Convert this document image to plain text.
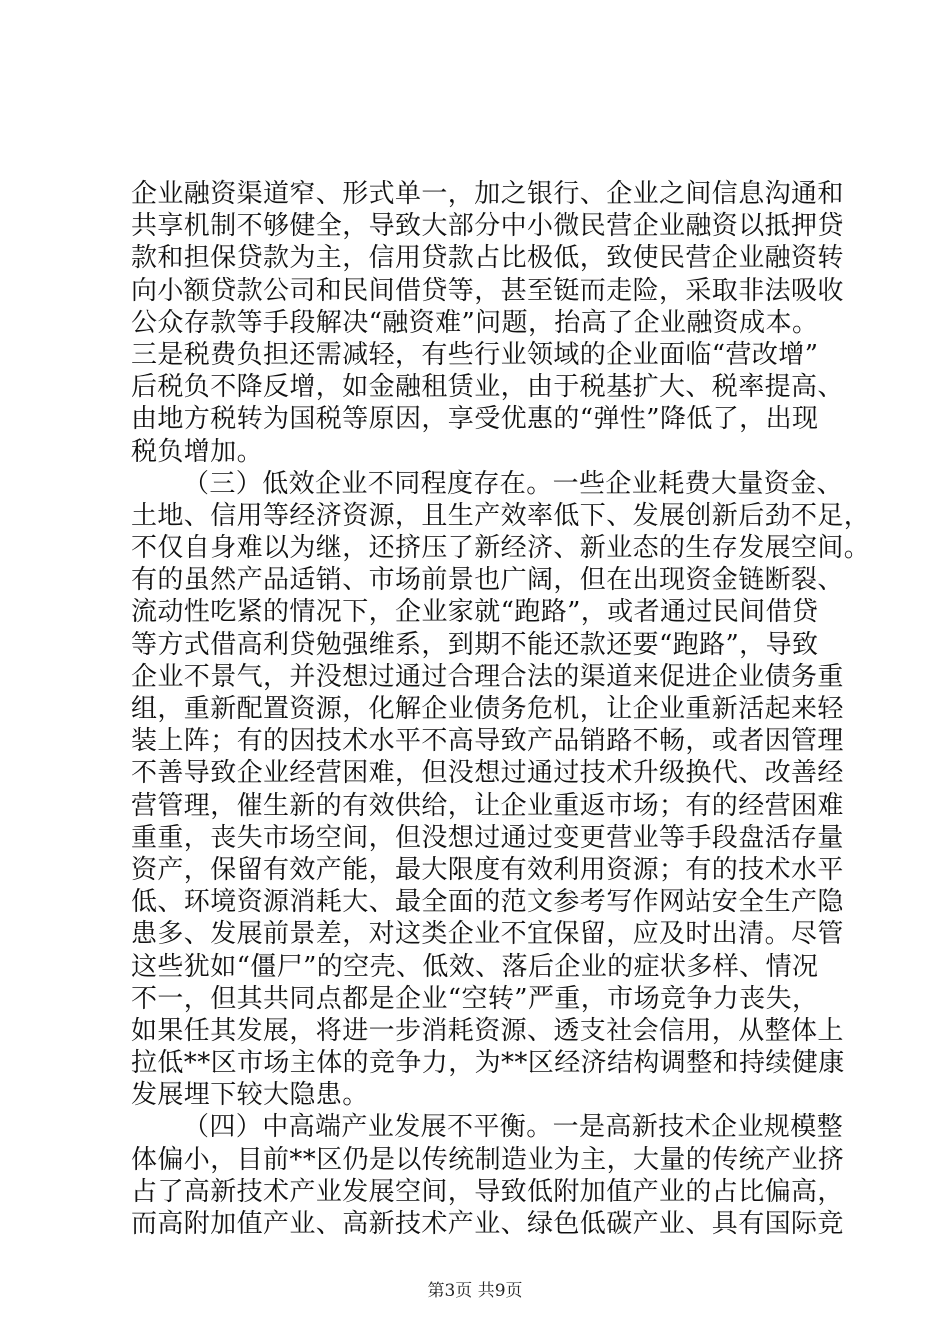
企业融资渠道窄、形式单一，加之银行、企业之间信息沟通和
共享机制不够健全，导致大部分中小微民营企业融资以抵押贷
款和担保贷款为主，信用贷款占比极低，致使民营企业融资转
向小额贷款公司和民间借贷等，甚至铤而走险，采取非法吸收
公众存款等手段解决“融资难”问题，抬高了企业融资成本。
三是税费负担还需减轻，有些行业领域的企业面临“营改增”
后税负不降反增，如金融租赁业，由于税基扩大、税率提高、
由地方税转为国税等原因，享受优惠的“弹性”降低了，出现
税负增加。
（三）低效企业不同程度存在。一些企业耗费大量资金、
土地、信用等经济资源，且生产效率低下、发展创新后劲不足，
不仅自身难以为继，还挤压了新经济、新业态的生存发展空间。
有的虽然产品适销、市场前景也广阔，但在出现资金链断裂、
流动性吃紧的情况下，企业家就“跑路”，或者通过民间借贷
等方式借高利贷勉强维系，到期不能还款还要“跑路”，导致
企业不景气，并没想过通过合理合法的渠道来促进企业债务重
组，重新配置资源，化解企业债务危机，让企业重新活起来轻
装上阵；有的因技术水平不高导致产品销路不畅，或者因管理
不善导致企业经营困难，但没想过通过技术升级换代、改善经
营管理，催生新的有效供给，让企业重返市场；有的经营困难
重重，丧失市场空间，但没想过通过变更营业等手段盘活存量
资产，保留有效产能，最大限度有效利用资源；有的技术水平
低、环境资源消耗大、最全面的范文参考写作网站安全生产隐
患多、发展前景差，对这类企业不宜保留，应及时出清。尽管
这些犹如“僵尸”的空壳、低效、落后企业的症状多样、情况
不一，但其共同点都是企业“空转”严重，市场竞争力丧失，
如果任其发展，将进一步消耗资源、透支社会信用，从整体上
拉低**区市场主体的竞争力，为**区经济结构调整和持续健康
发展埋下较大隐患。
（四）中高端产业发展不平衡。一是高新技术企业规模整
体偏小，目前**区仍是以传统制造业为主，大量的传统产业挤
占了高新技术产业发展空间，导致低附加值产业的占比偏高，
而高附加值产业、高新技术产业、绿色低碳产业、具有国际竞
第3页 共9页
